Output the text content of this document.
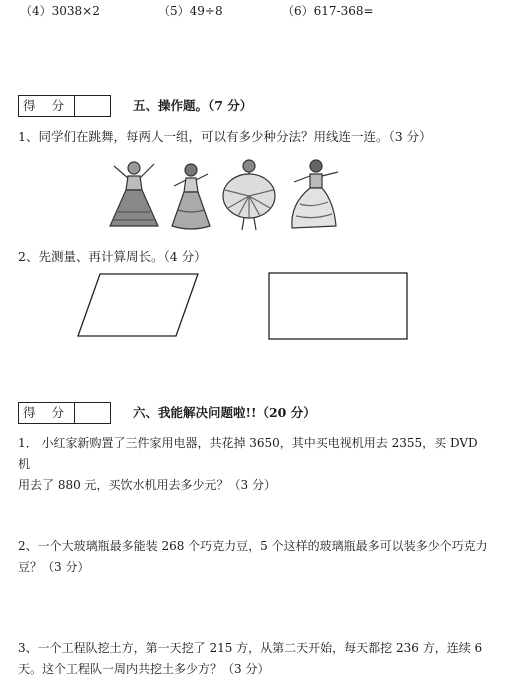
（4）3038×2	（5）49÷8	（6）617-368=
得 分	五、操作题。（7 分）
1、同学们在跳舞，每两人一组，可以有多少种分法？用线连一连。（3 分）
2、先测量、再计算周长。（4 分）
得 分	六、我能解决问题啦!!（20 分）
1． 小红家新购置了三件家用电器，共花掉 3650，其中买电视机用去 2355，买 DVD 机
用去了 880 元，买饮水机用去多少元？（3 分）
2、一个大玻璃瓶最多能装 268 个巧克力豆，5 个这样的玻璃瓶最多可以装多少个巧克力
豆？（3 分）
3、一个工程队挖土方，第一天挖了 215 方，从第二天开始，每天都挖 236 方，连续 6
天。这个工程队一周内共挖土多少方？（3 分）
